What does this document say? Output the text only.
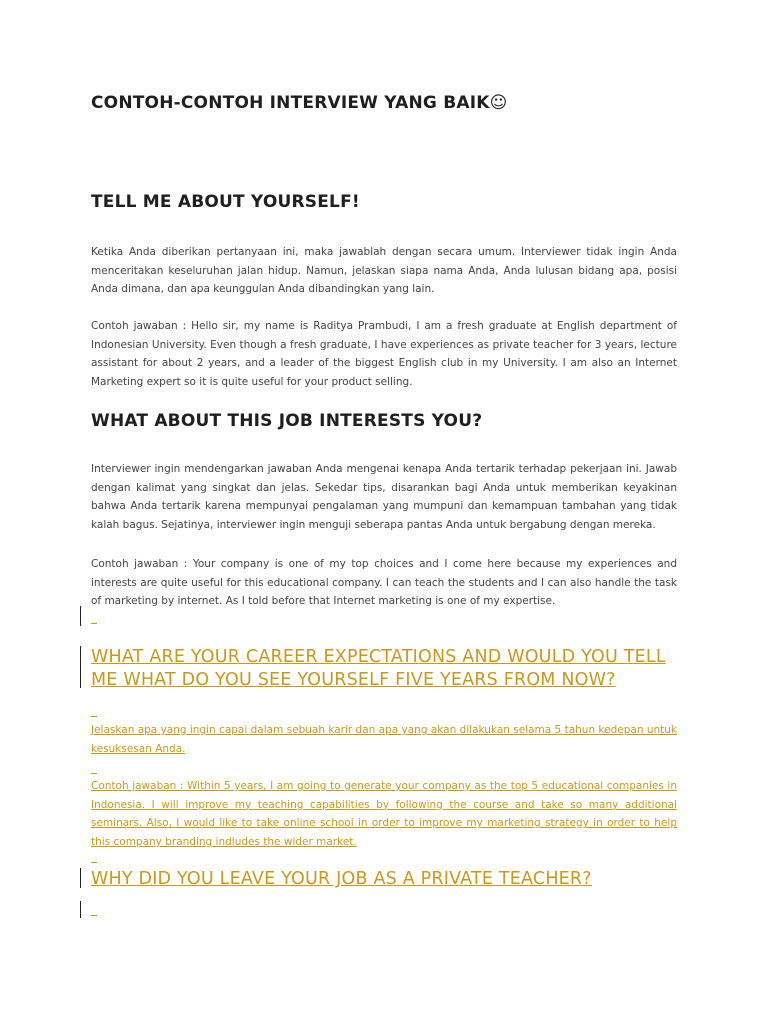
CONTOH-CONTOH INTERVIEW YANG BAIK☺
TELL ME ABOUT YOURSELF!

Ketika Anda diberikan pertanyaan ini, maka jawablah dengan secara umum. Interviewer tidak ingin Anda menceritakan keseluruhan jalan hidup. Namun, jelaskan siapa nama Anda, Anda lulusan bidang apa, posisi Anda dimana, dan apa keunggulan Anda dibandingkan yang lain.

Contoh jawaban : Hello sir, my name is Raditya Prambudi, I am a fresh graduate at English department of Indonesian University. Even though a fresh graduate, I have experiences as private teacher for 3 years, lecture assistant for about 2 years, and a leader of the biggest English club in my University. I am also an Internet Marketing expert so it is quite useful for your product selling.

WHAT ABOUT THIS JOB INTERESTS YOU?

Interviewer ingin mendengarkan jawaban Anda mengenai kenapa Anda tertarik terhadap pekerjaan ini. Jawab dengan kalimat yang singkat dan jelas. Sekedar tips, disarankan bagi Anda untuk memberikan keyakinan bahwa Anda tertarik karena mempunyai pengalaman yang mumpuni dan kemampuan tambahan yang tidak kalah bagus. Sejatinya, interviewer ingin menguji seberapa pantas Anda untuk bergabung dengan mereka.

Contoh jawaban : Your company is one of my top choices and I come here because my experiences and interests are quite useful for this educational company. I can teach the students and I can also handle the task of marketing by internet. As I told before that Internet marketing is one of my expertise.

WHAT ARE YOUR CAREER EXPECTATIONS AND WOULD YOU TELL ME WHAT DO YOU SEE YOURSELF FIVE YEARS FROM NOW?

Jelaskan apa yang ingin capai dalam sebuah karir dan apa yang akan dilakukan selama 5 tahun kedepan untuk kesuksesan Anda.

Contoh jawaban : Within 5 years, I am going to generate your company as the top 5 educational companies in Indonesia. I will improve my teaching capabilities by following the course and take so many additional seminars. Also, I would like to take online school in order to improve my marketing strategy in order to help this company branding indludes the wider market.

WHY DID YOU LEAVE YOUR JOB AS A PRIVATE TEACHER?
